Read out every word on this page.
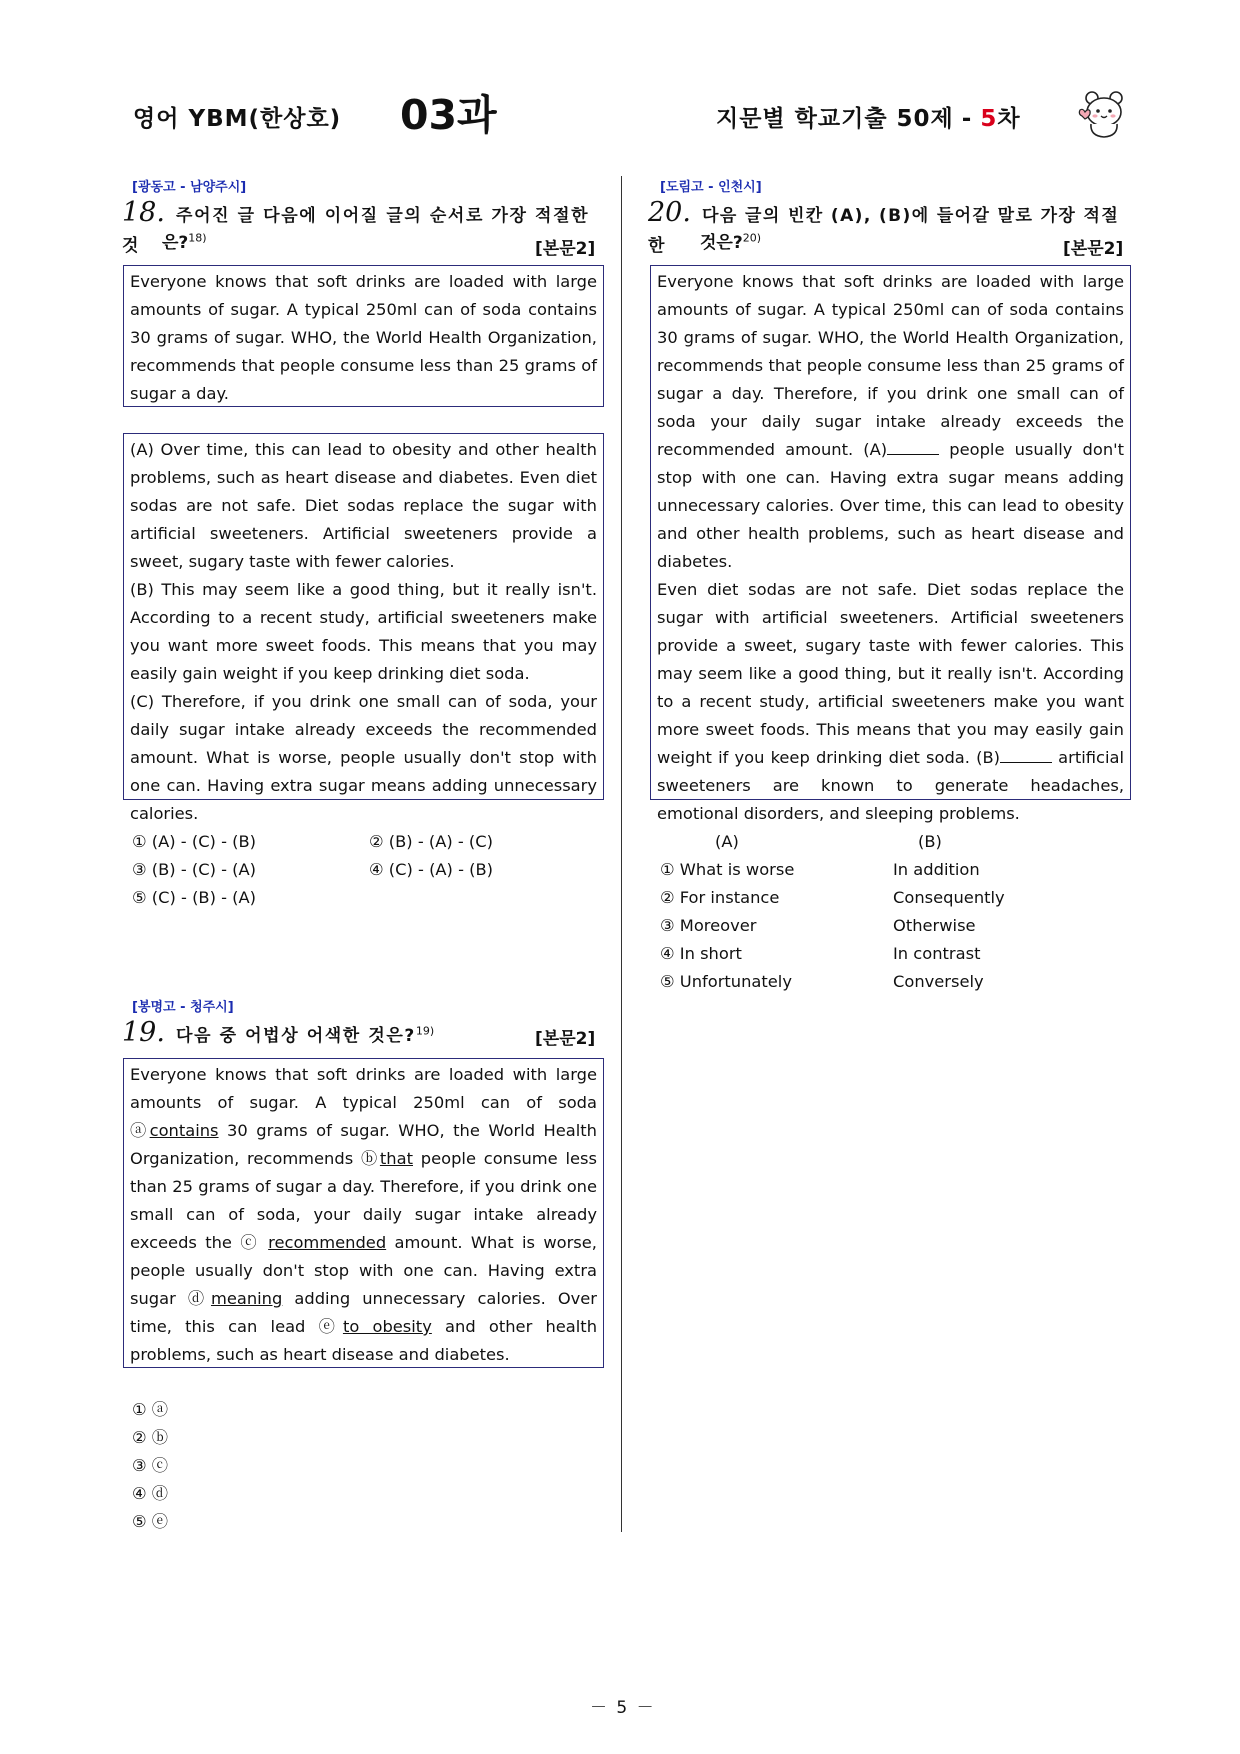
영어 YBM(한상호) 03과	지문별 학교기출 50제 - 5차
[광동고 - 남양주시]
18. 주어진 글 다음에 이어질 글의 순서로 가장 적절한 것	은?$^{18)}$
[본문2]

Everyone knows that soft drinks are loaded with large amounts of sugar. A typical 250ml can of soda contains 30 grams of sugar. WHO, the World Health Organization, recommends that people consume less than 25 grams of sugar a day.

(A) Over time, this can lead to obesity and other health problems, such as heart disease and diabetes. Even diet sodas are not safe. Diet sodas replace the sugar with artificial sweeteners. Artificial sweeteners provide a sweet, sugary taste with fewer calories.

(B) This may seem like a good thing, but it really isn't. According to a recent study, artificial sweeteners make you want more sweet foods. This means that you may easily gain weight if you keep drinking diet soda.

(C) Therefore, if you drink one small can of soda, your daily sugar intake already exceeds the recommended amount. What is worse, people usually don't stop with one can. Having extra sugar means adding unnecessary calories.

① (A) - (C) - (B)	② (B) - (A) - (C)
③ (B) - (C) - (A)	④ (C) - (A) - (B)
⑤ (C) - (B) - (A)
[봉명고 - 청주시]
19. 다음 중 어법상 어색한 것은?$^{19)}$	[본문2]

Everyone knows that soft drinks are loaded with large amounts of sugar. A typical 250ml can of soda ⓐcontains 30 grams of sugar. WHO, the World Health Organization, recommends ⓑthat people consume less than 25 grams of sugar a day. Therefore, if you drink one small can of soda, your daily sugar intake already exceeds the ⓒ recommended amount. What is worse, people usually don't stop with one can. Having extra sugar ⓓmeaning adding unnecessary calories. Over time, this can lead ⓔto obesity and other health problems, such as heart disease and diabetes.

① ⓐ
② ⓑ
③ ⓒ
④ ⓓ
⑤ ⓔ
[도림고 - 인천시]
20. 다음 글의 빈칸 (A), (B)에 들어갈 말로 가장 적절한	것은?$^{20)}$
[본문2]

Everyone knows that soft drinks are loaded with large amounts of sugar. A typical 250ml can of soda contains 30 grams of sugar. WHO, the World Health Organization, recommends that people consume less than 25 grams of sugar a day. Therefore, if you drink one small can of soda your daily sugar intake already exceeds the recommended amount. (A)	people usually don't stop with one can. Having extra sugar means adding unnecessary calories. Over time, this can lead to obesity and other health problems, such as heart disease and diabetes.

Even diet sodas are not safe. Diet sodas replace the sugar with artificial sweeteners. Artificial sweeteners provide a sweet, sugary taste with fewer calories. This may seem like a good thing, but it really isn't. According to a recent study, artificial sweeteners make you want more sweet foods. This means that you may easily gain weight if you keep drinking diet soda. (B)	artificial sweeteners are known to generate headaches, emotional disorders, and sleeping problems.

(A)	(B)
① What is worse	In addition
② For instance	Consequently
③ Moreover	Otherwise
④ In short	In contrast
⑤ Unfortunately	Conversely
－ 5 －
